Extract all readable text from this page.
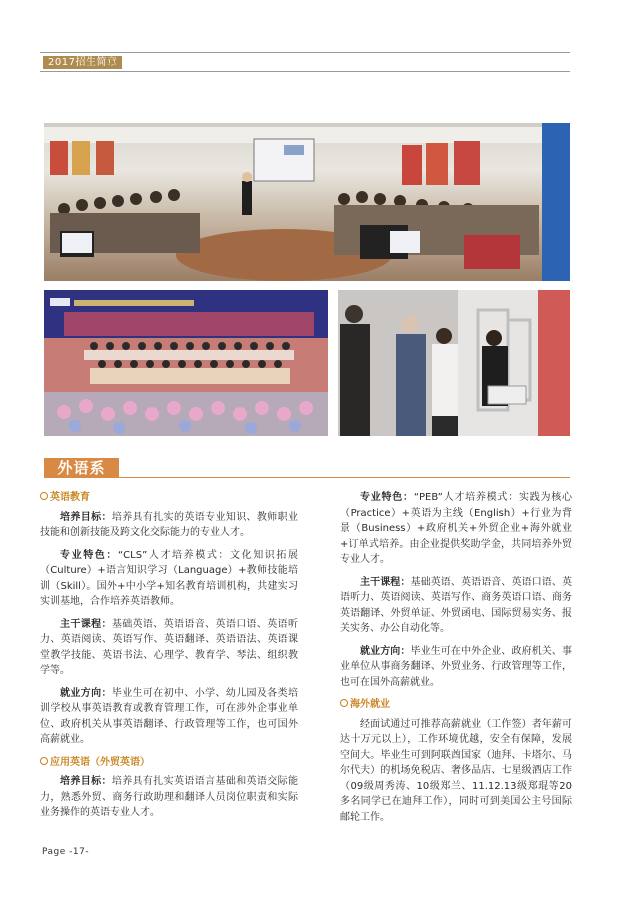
2017招生简章
外语系
英语教育

培养目标：培养具有扎实的英语专业知识、教师职业技能和创新技能及跨文化交际能力的专业人才。

专业特色：“CLS”人才培养模式：文化知识拓展（Culture）+语言知识学习（Language）+教师技能培训（Skill）。国外+中小学+知名教育培训机构，共建实习实训基地，合作培养英语教师。

主干课程：基础英语、英语语音、英语口语、英语听力、英语阅读、英语写作、英语翻译、英语语法、英语课堂教学技能、英语书法、心理学、教育学、琴法、组织教学等。

就业方向：毕业生可在初中、小学、幼儿园及各类培训学校从事英语教育或教育管理工作，可在涉外企事业单位、政府机关从事英语翻译、行政管理等工作，也可国外高薪就业。

应用英语（外贸英语）

培养目标：培养具有扎实英语语言基础和英语交际能力，熟悉外贸、商务行政助理和翻译人员岗位职责和实际业务操作的英语专业人才。

专业特色：“PEB”人才培养模式：实践为核心（Practice）+英语为主线（English）+行业为背景（Business）+政府机关+外贸企业+海外就业+订单式培养。由企业提供奖助学金，共同培养外贸专业人才。

主干课程：基础英语、英语语音、英语口语、英语听力、英语阅读、英语写作、商务英语口语、商务英语翻译、外贸单证、外贸函电、国际贸易实务、报关实务、办公自动化等。

就业方向：毕业生可在中外企业、政府机关、事业单位从事商务翻译、外贸业务、行政管理等工作，也可在国外高薪就业。

海外就业

经面试通过可推荐高薪就业（工作签）者年薪可达十万元以上），工作环境优越，安全有保障，发展空间大。毕业生可到阿联酋国家（迪拜、卡塔尔、马尔代夫）的机场免税店、奢侈品店、七星级酒店工作（09级周秀涛、10级郑兰、11.12.13级郑琨等20多名同学已在迪拜工作），同时可到美国公主号国际邮轮工作。

Page -17-
